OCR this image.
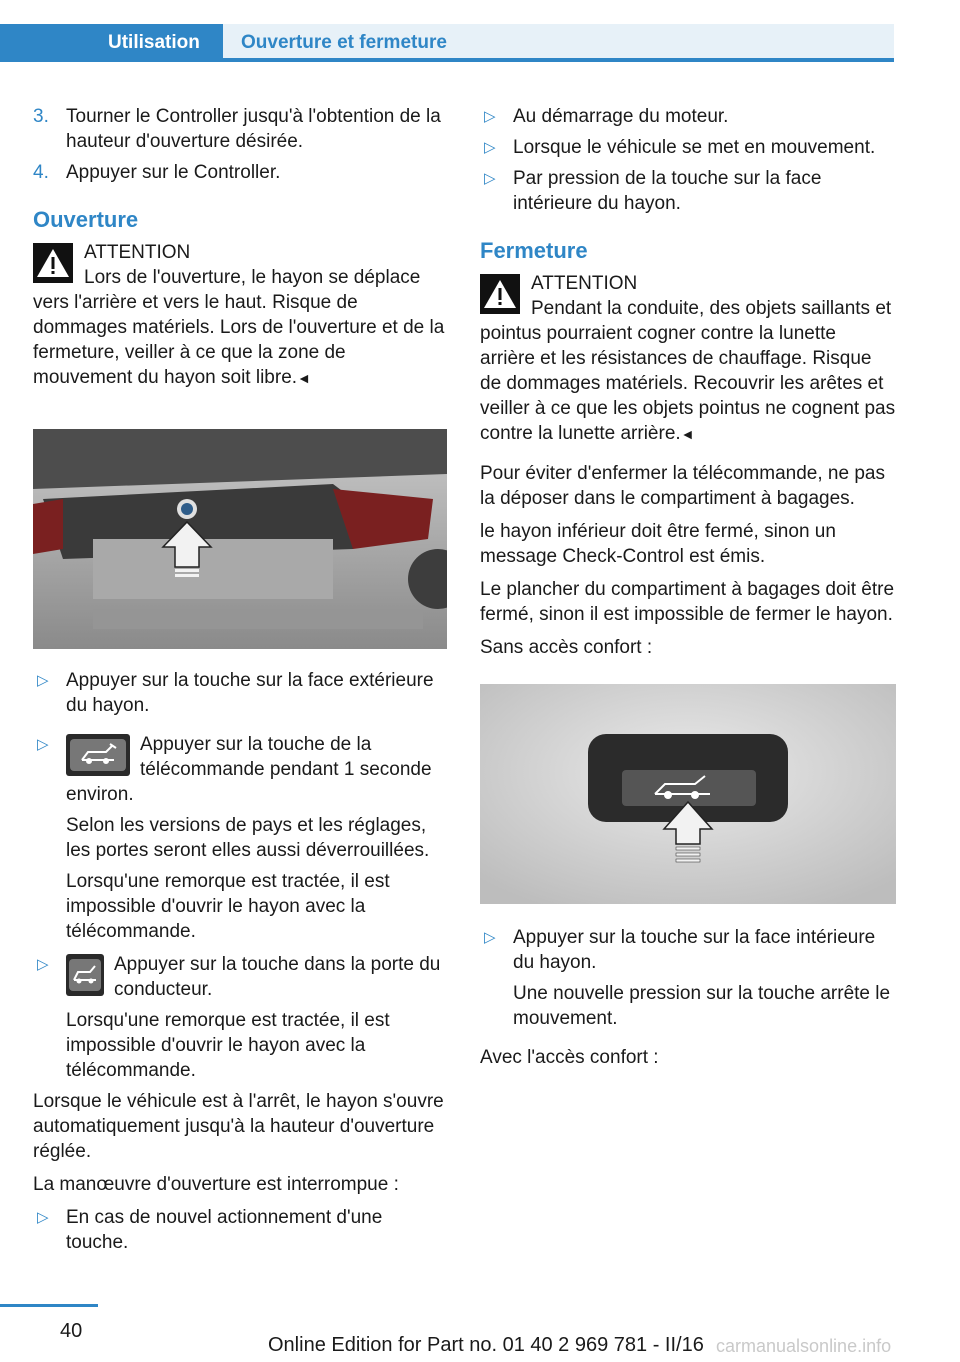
Utilisation Ouverture et fermeture
3. Tourner le Controller jusqu'à l'obtention de la hauteur d'ouverture désirée.
4. Appuyer sur le Controller.
Ouverture
ATTENTION
Lors de l'ouverture, le hayon se déplace vers l'arrière et vers le haut. Risque de dommages matériels. Lors de l'ouverture et de la fermeture, veiller à ce que la zone de mouvement du hayon soit libre.◄
▷ Appuyer sur la touche sur la face extérieure du hayon.
▷	Appuyer sur la touche de la télécommande pendant 1 seconde environ.

Selon les versions de pays et les réglages, les portes seront elles aussi déverrouillées.

Lorsqu'une remorque est tractée, il est impossible d'ouvrir le hayon avec la télécommande.

▷	Appuyer sur la touche dans la porte du conducteur.

Lorsqu'une remorque est tractée, il est impossible d'ouvrir le hayon avec la télécommande.

Lorsque le véhicule est à l'arrêt, le hayon s'ouvre automatiquement jusqu'à la hauteur d'ouverture réglée.

La manœuvre d'ouverture est interrompue :

▷ En cas de nouvel actionnement d'une touche.
▷ Au démarrage du moteur.
▷ Lorsque le véhicule se met en mouvement.
▷ Par pression de la touche sur la face intérieure du hayon.
Fermeture
ATTENTION
Pendant la conduite, des objets saillants et pointus pourraient cogner contre la lunette arrière et les résistances de chauffage. Risque de dommages matériels. Recouvrir les arêtes et veiller à ce que les objets pointus ne cognent pas contre la lunette arrière.◄

Pour éviter d'enfermer la télécommande, ne pas la déposer dans le compartiment à bagages.

le hayon inférieur doit être fermé, sinon un message Check-Control est émis.

Le plancher du compartiment à bagages doit être fermé, sinon il est impossible de fermer le hayon.

Sans accès confort :

▷ Appuyer sur la touche sur la face intérieure du hayon.

Une nouvelle pression sur la touche arrête le mouvement.

Avec l'accès confort :

40
Online Edition for Part no. 01 40 2 969 781 - II/16 carmanualsonline.info
